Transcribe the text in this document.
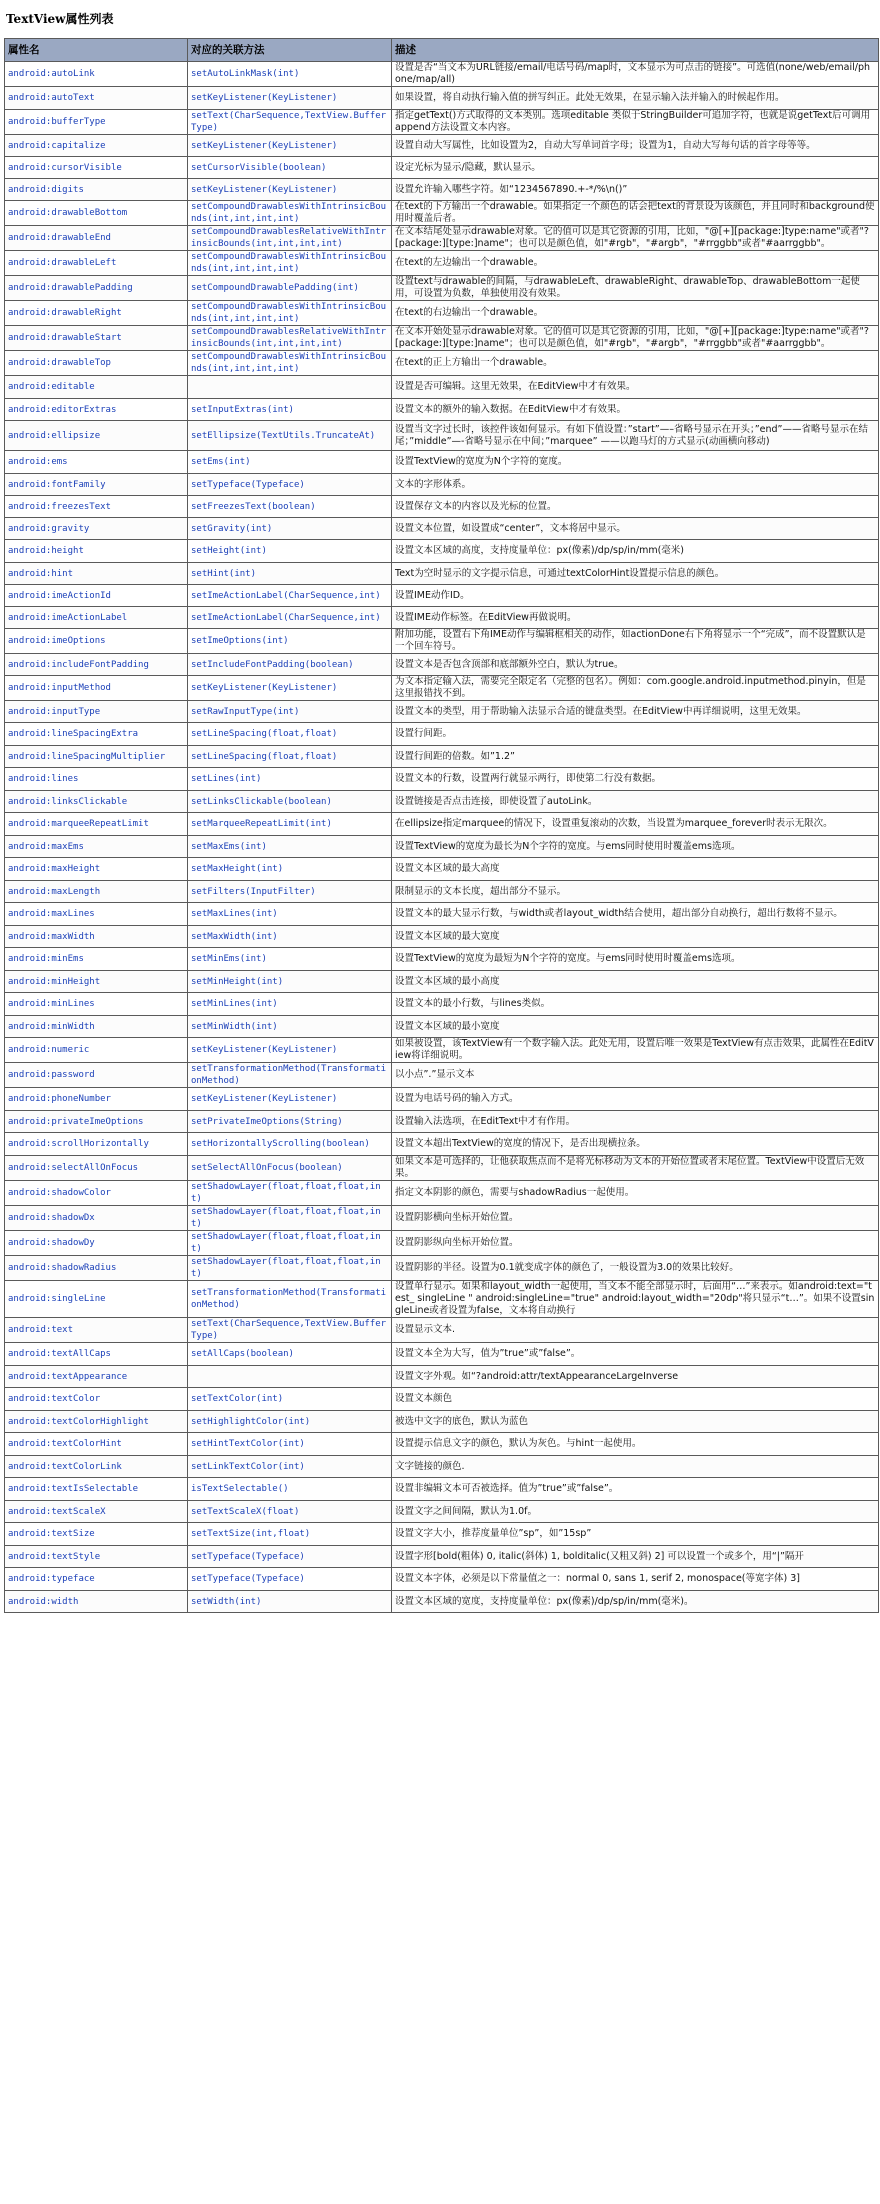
TextView属性列表
属性名	对应的关联方法	描述
android:autoLink	setAutoLinkMask(int)	设置是否“当文本为URL链接/email/电话号码/map时，文本显示为可点击的链接”。可选值(none/web/email/phone/map/all)
android:autoText	setKeyListener(KeyListener)	如果设置，将自动执行输入值的拼写纠正。此处无效果，在显示输入法并输入的时候起作用。
android:bufferType	setText(CharSequence,TextView.BufferType)	指定getText()方式取得的文本类别。选项editable 类似于StringBuilder可追加字符，也就是说getText后可调用append方法设置文本内容。
android:capitalize	setKeyListener(KeyListener)	设置自动大写属性，比如设置为2，自动大写单词首字母；设置为1，自动大写每句话的首字母等等。
android:cursorVisible	setCursorVisible(boolean)	设定光标为显示/隐藏，默认显示。
android:digits	setKeyListener(KeyListener)	设置允许输入哪些字符。如“1234567890.+-*/%\n()”
android:drawableBottom	setCompoundDrawablesWithIntrinsicBounds(int,int,int,int)	在text的下方输出一个drawable。如果指定一个颜色的话会把text的背景设为该颜色，并且同时和background使用时覆盖后者。
android:drawableEnd	setCompoundDrawablesRelativeWithIntrinsicBounds(int,int,int,int)	在文本结尾处显示drawable对象。它的值可以是其它资源的引用，比如，"@[+][package:]type:name"或者"?[package:][type:]name"；也可以是颜色值，如"#rgb"，"#argb"，"#rrggbb"或者"#aarrggbb"。
android:drawableLeft	setCompoundDrawablesWithIntrinsicBounds(int,int,int,int)	在text的左边输出一个drawable。
android:drawablePadding	setCompoundDrawablePadding(int)	设置text与drawable的间隔，与drawableLeft、drawableRight、drawableTop、drawableBottom一起使用，可设置为负数，单独使用没有效果。
android:drawableRight	setCompoundDrawablesWithIntrinsicBounds(int,int,int,int)	在text的右边输出一个drawable。
android:drawableStart	setCompoundDrawablesRelativeWithIntrinsicBounds(int,int,int,int)	在文本开始处显示drawable对象。它的值可以是其它资源的引用，比如，"@[+][package:]type:name"或者"?[package:][type:]name"；也可以是颜色值，如"#rgb"，"#argb"，"#rrggbb"或者"#aarrggbb"。
android:drawableTop	setCompoundDrawablesWithIntrinsicBounds(int,int,int,int)	在text的正上方输出一个drawable。
android:editable		设置是否可编辑。这里无效果，在EditView中才有效果。
android:editorExtras	setInputExtras(int)	设置文本的额外的输入数据。在EditView中才有效果。
android:ellipsize	setEllipsize(TextUtils.TruncateAt)	设置当文字过长时，该控件该如何显示。有如下值设置：”start”—–省略号显示在开头；”end”——省略号显示在结尾；”middle”—-省略号显示在中间；”marquee” ——以跑马灯的方式显示(动画横向移动)
android:ems	setEms(int)	设置TextView的宽度为N个字符的宽度。
android:fontFamily	setTypeface(Typeface)	文本的字形体系。
android:freezesText	setFreezesText(boolean)	设置保存文本的内容以及光标的位置。
android:gravity	setGravity(int)	设置文本位置，如设置成“center”，文本将居中显示。
android:height	setHeight(int)	设置文本区域的高度，支持度量单位：px(像素)/dp/sp/in/mm(毫米)
android:hint	setHint(int)	Text为空时显示的文字提示信息，可通过textColorHint设置提示信息的颜色。
android:imeActionId	setImeActionLabel(CharSequence,int)	设置IME动作ID。
android:imeActionLabel	setImeActionLabel(CharSequence,int)	设置IME动作标签。在EditView再做说明。
android:imeOptions	setImeOptions(int)	附加功能，设置右下角IME动作与编辑框相关的动作，如actionDone右下角将显示一个“完成”，而不设置默认是一个回车符号。
android:includeFontPadding	setIncludeFontPadding(boolean)	设置文本是否包含顶部和底部额外空白，默认为true。
android:inputMethod	setKeyListener(KeyListener)	为文本指定输入法，需要完全限定名（完整的包名）。例如：com.google.android.inputmethod.pinyin，但是这里报错找不到。
android:inputType	setRawInputType(int)	设置文本的类型，用于帮助输入法显示合适的键盘类型。在EditView中再详细说明，这里无效果。
android:lineSpacingExtra	setLineSpacing(float,float)	设置行间距。
android:lineSpacingMultiplier	setLineSpacing(float,float)	设置行间距的倍数。如”1.2”
android:lines	setLines(int)	设置文本的行数，设置两行就显示两行，即使第二行没有数据。
android:linksClickable	setLinksClickable(boolean)	设置链接是否点击连接，即使设置了autoLink。
android:marqueeRepeatLimit	setMarqueeRepeatLimit(int)	在ellipsize指定marquee的情况下，设置重复滚动的次数，当设置为marquee_forever时表示无限次。
android:maxEms	setMaxEms(int)	设置TextView的宽度为最长为N个字符的宽度。与ems同时使用时覆盖ems选项。
android:maxHeight	setMaxHeight(int)	设置文本区域的最大高度
android:maxLength	setFilters(InputFilter)	限制显示的文本长度，超出部分不显示。
android:maxLines	setMaxLines(int)	设置文本的最大显示行数，与width或者layout_width结合使用，超出部分自动换行，超出行数将不显示。
android:maxWidth	setMaxWidth(int)	设置文本区域的最大宽度
android:minEms	setMinEms(int)	设置TextView的宽度为最短为N个字符的宽度。与ems同时使用时覆盖ems选项。
android:minHeight	setMinHeight(int)	设置文本区域的最小高度
android:minLines	setMinLines(int)	设置文本的最小行数，与lines类似。
android:minWidth	setMinWidth(int)	设置文本区域的最小宽度
android:numeric	setKeyListener(KeyListener)	如果被设置，该TextView有一个数字输入法。此处无用，设置后唯一效果是TextView有点击效果，此属性在EditView将详细说明。
android:password	setTransformationMethod(TransformationMethod)	以小点”.”显示文本
android:phoneNumber	setKeyListener(KeyListener)	设置为电话号码的输入方式。
android:privateImeOptions	setPrivateImeOptions(String)	设置输入法选项，在EditText中才有作用。
android:scrollHorizontally	setHorizontallyScrolling(boolean)	设置文本超出TextView的宽度的情况下，是否出现横拉条。
android:selectAllOnFocus	setSelectAllOnFocus(boolean)	如果文本是可选择的，让他获取焦点而不是将光标移动为文本的开始位置或者末尾位置。TextView中设置后无效果。
android:shadowColor	setShadowLayer(float,float,float,int)	指定文本阴影的颜色，需要与shadowRadius一起使用。
android:shadowDx	setShadowLayer(float,float,float,int)	设置阴影横向坐标开始位置。
android:shadowDy	setShadowLayer(float,float,float,int)	设置阴影纵向坐标开始位置。
android:shadowRadius	setShadowLayer(float,float,float,int)	设置阴影的半径。设置为0.1就变成字体的颜色了，一般设置为3.0的效果比较好。
android:singleLine	setTransformationMethod(TransformationMethod)	设置单行显示。如果和layout_width一起使用，当文本不能全部显示时，后面用“…”来表示。如android:text="test_ singleLine " android:singleLine="true" android:layout_width="20dp"将只显示“t…”。如果不设置singleLine或者设置为false，文本将自动换行
android:text	setText(CharSequence,TextView.BufferType)	设置显示文本.
android:textAllCaps	setAllCaps(boolean)	设置文本全为大写，值为”true”或”false”。
android:textAppearance		设置文字外观。如“?android:attr/textAppearanceLargeInverse
android:textColor	setTextColor(int)	设置文本颜色
android:textColorHighlight	setHighlightColor(int)	被选中文字的底色，默认为蓝色
android:textColorHint	setHintTextColor(int)	设置提示信息文字的颜色，默认为灰色。与hint一起使用。
android:textColorLink	setLinkTextColor(int)	文字链接的颜色.
android:textIsSelectable	isTextSelectable()	设置非编辑文本可否被选择。值为”true”或”false”。
android:textScaleX	setTextScaleX(float)	设置文字之间间隔，默认为1.0f。
android:textSize	setTextSize(int,float)	设置文字大小，推荐度量单位”sp”，如”15sp”
android:textStyle	setTypeface(Typeface)	设置字形[bold(粗体) 0, italic(斜体) 1, bolditalic(又粗又斜) 2] 可以设置一个或多个，用“|”隔开
android:typeface	setTypeface(Typeface)	设置文本字体，必须是以下常量值之一：normal 0, sans 1, serif 2, monospace(等宽字体) 3]
android:width	setWidth(int)	设置文本区域的宽度，支持度量单位：px(像素)/dp/sp/in/mm(毫米)。
